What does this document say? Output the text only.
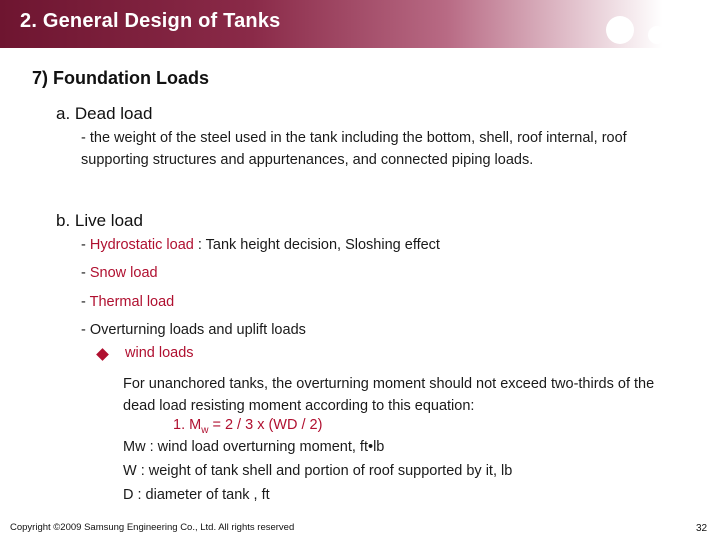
2. General Design of Tanks
7) Foundation Loads
a. Dead load
- the weight of the steel used in the tank including the bottom, shell, roof internal, roof supporting structures and appurtenances, and connected piping loads.
b. Live load
- Hydrostatic load : Tank height decision, Sloshing effect
- Snow load
- Thermal load
- Overturning loads and uplift loads
wind loads
For unanchored tanks, the overturning moment should not exceed two-thirds of the dead load resisting moment according to this equation:
1. $M_w = 2 / 3$ x (WD / 2)
Mw : wind load overturning moment, ft•lb
W : weight of tank shell and portion of roof supported by it, lb
D : diameter of tank , ft
Copyright ©2009 Samsung Engineering Co., Ltd. All rights reserved	32
